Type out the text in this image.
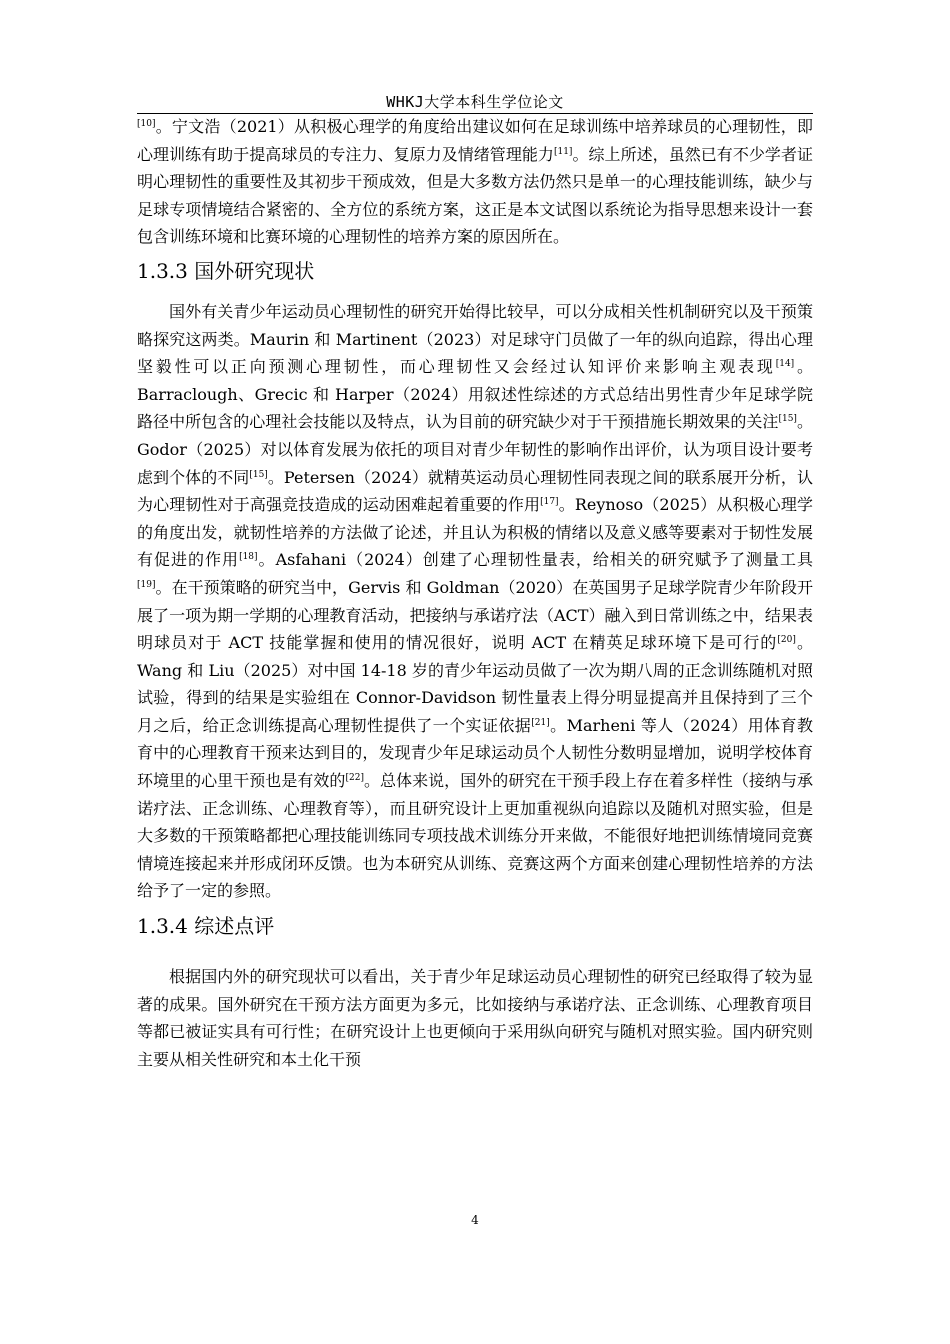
WHKJ大学本科生学位论文

[10]。宁文浩（2021）从积极心理学的角度给出建议如何在足球训练中培养球员的心理韧性，即心理训练有助于提高球员的专注力、复原力及情绪管理能力[11]。综上所述，虽然已有不少学者证明心理韧性的重要性及其初步干预成效，但是大多数方法仍然只是单一的心理技能训练，缺少与足球专项情境结合紧密的、全方位的系统方案，这正是本文试图以系统论为指导思想来设计一套包含训练环境和比赛环境的心理韧性的培养方案的原因所在。

1.3.3 国外研究现状

国外有关青少年运动员心理韧性的研究开始得比较早，可以分成相关性机制研究以及干预策略探究这两类。Maurin 和 Martinent（2023）对足球守门员做了一年的纵向追踪，得出心理坚毅性可以正向预测心理韧性，而心理韧性又会经过认知评价来影响主观表现[14]。Barraclough、Grecic 和 Harper（2024）用叙述性综述的方式总结出男性青少年足球学院路径中所包含的心理社会技能以及特点，认为目前的研究缺少对于干预措施长期效果的关注[15]。Godor（2025）对以体育发展为依托的项目对青少年韧性的影响作出评价，认为项目设计要考虑到个体的不同[15]。Petersen（2024）就精英运动员心理韧性同表现之间的联系展开分析，认为心理韧性对于高强竞技造成的运动困难起着重要的作用[17]。Reynoso（2025）从积极心理学的角度出发，就韧性培养的方法做了论述，并且认为积极的情绪以及意义感等要素对于韧性发展有促进的作用[18]。Asfahani（2024）创建了心理韧性量表，给相关的研究赋予了测量工具[19]。在干预策略的研究当中，Gervis 和 Goldman（2020）在英国男子足球学院青少年阶段开展了一项为期一学期的心理教育活动，把接纳与承诺疗法（ACT）融入到日常训练之中，结果表明球员对于 ACT 技能掌握和使用的情况很好，说明 ACT 在精英足球环境下是可行的[20]。Wang 和 Liu（2025）对中国 14-18 岁的青少年运动员做了一次为期八周的正念训练随机对照试验，得到的结果是实验组在 Connor-Davidson 韧性量表上得分明显提高并且保持到了三个月之后，给正念训练提高心理韧性提供了一个实证依据[21]。Marheni 等人（2024）用体育教育中的心理教育干预来达到目的，发现青少年足球运动员个人韧性分数明显增加，说明学校体育环境里的心里干预也是有效的[22]。总体来说，国外的研究在干预手段上存在着多样性（接纳与承诺疗法、正念训练、心理教育等），而且研究设计上更加重视纵向追踪以及随机对照实验，但是大多数的干预策略都把心理技能训练同专项技战术训练分开来做，不能很好地把训练情境同竞赛情境连接起来并形成闭环反馈。也为本研究从训练、竞赛这两个方面来创建心理韧性培养的方法给予了一定的参照。

1.3.4 综述点评

根据国内外的研究现状可以看出，关于青少年足球运动员心理韧性的研究已经取得了较为显著的成果。国外研究在干预方法方面更为多元，比如接纳与承诺疗法、正念训练、心理教育项目等都已被证实具有可行性；在研究设计上也更倾向于采用纵向研究与随机对照实验。国内研究则主要从相关性研究和本土化干预

4
